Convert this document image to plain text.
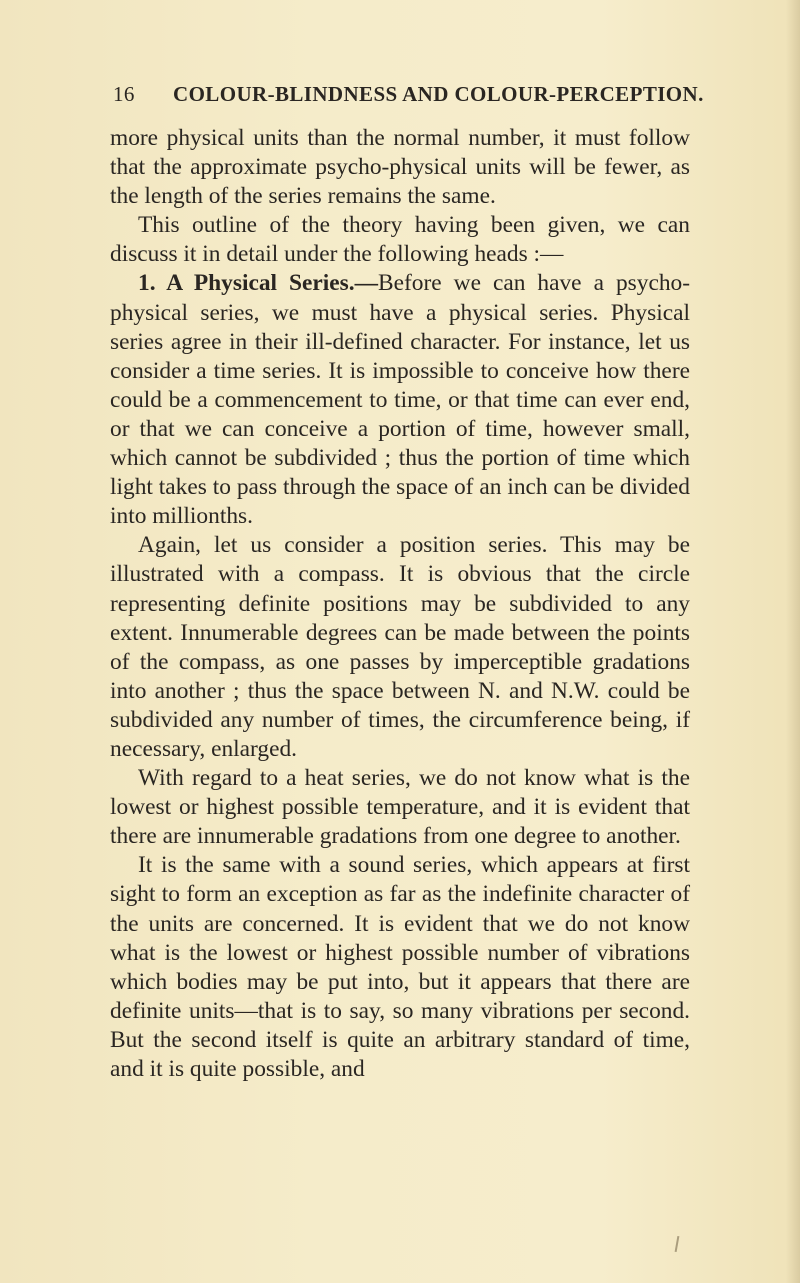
16 COLOUR-BLINDNESS AND COLOUR-PERCEPTION.

more physical units than the normal number, it must follow that the approximate psycho-physical units will be fewer, as the length of the series remains the same.

This outline of the theory having been given, we can discuss it in detail under the following heads :—

1. A Physical Series.—Before we can have a psycho-physical series, we must have a physical series. Physical series agree in their ill-defined character. For instance, let us consider a time series. It is impossible to conceive how there could be a commencement to time, or that time can ever end, or that we can conceive a portion of time, however small, which cannot be subdivided ; thus the portion of time which light takes to pass through the space of an inch can be divided into millionths.

Again, let us consider a position series. This may be illustrated with a compass. It is obvious that the circle representing definite positions may be subdivided to any extent. Innumerable degrees can be made between the points of the compass, as one passes by imperceptible gradations into another ; thus the space between N. and N.W. could be subdivided any number of times, the circumference being, if necessary, enlarged.

With regard to a heat series, we do not know what is the lowest or highest possible temperature, and it is evident that there are innumerable gradations from one degree to another.

It is the same with a sound series, which appears at first sight to form an exception as far as the indefinite character of the units are concerned. It is evident that we do not know what is the lowest or highest possible number of vibrations which bodies may be put into, but it appears that there are definite units—that is to say, so many vibrations per second. But the second itself is quite an arbitrary standard of time, and it is quite possible, and
